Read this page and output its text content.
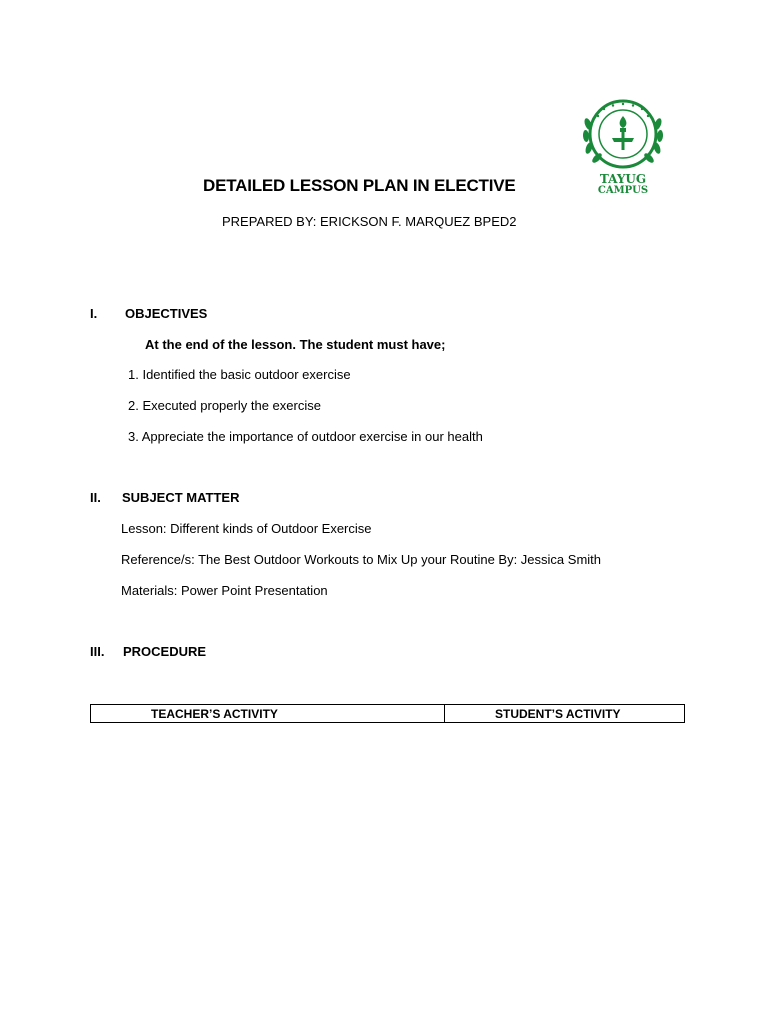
TAYUG
CAMPUS
DETAILED LESSON PLAN IN ELECTIVE
PREPARED BY: ERICKSON F. MARQUEZ BPED2
I. OBJECTIVES
At the end of the lesson. The student must have;
1. Identified the basic outdoor exercise
2. Executed properly the exercise
3. Appreciate the importance of outdoor exercise in our health
II. SUBJECT MATTER
Lesson: Different kinds of Outdoor Exercise
Reference/s: The Best Outdoor Workouts to Mix Up your Routine By: Jessica Smith
Materials: Power Point Presentation
III. PROCEDURE
TEACHER’S ACTIVITY	STUDENT’S ACTIVITY
